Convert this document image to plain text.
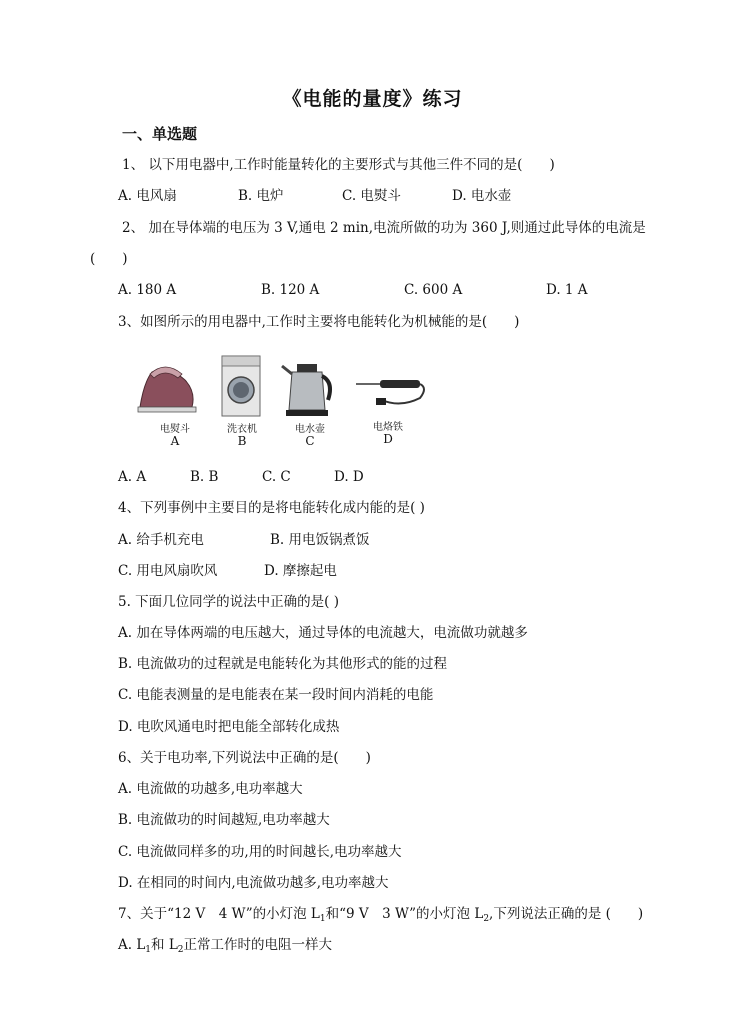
《电能的量度》练习
一、单选题
1、 以下用电器中,工作时能量转化的主要形式与其他三件不同的是(　　)
A. 电风扇	B. 电炉	C. 电熨斗	D. 电水壶
2、 加在导体端的电压为 3 V,通电 2 min,电流所做的功为 360 J,则通过此导体的电流是
(　　)
A. 180 A	B. 120 A	C. 600 A	D. 1 A
3、如图所示的用电器中,工作时主要将电能转化为机械能的是(　　)
电熨斗	洗衣机	电水壶	电烙铁
A	B	C	D
A. A	B. B	C. C	D. D
4、下列事例中主要目的是将电能转化成内能的是( )
A. 给手机充电	B. 用电饭锅煮饭
C. 用电风扇吹风	D. 摩擦起电
5. 下面几位同学的说法中正确的是( )
A. 加在导体两端的电压越大，通过导体的电流越大，电流做功就越多
B. 电流做功的过程就是电能转化为其他形式的能的过程
C. 电能表测量的是电能表在某一段时间内消耗的电能
D. 电吹风通电时把电能全部转化成热
6、关于电功率,下列说法中正确的是(　　)
A. 电流做的功越多,电功率越大
B. 电流做功的时间越短,电功率越大
C. 电流做同样多的功,用的时间越长,电功率越大
D. 在相同的时间内,电流做功越多,电功率越大
7、关于“12 V　4 W”的小灯泡 $L_1$和“9 V　3 W”的小灯泡 $L_2$,下列说法正确的是 (　　)
A. $L_1$和 $L_2$正常工作时的电阻一样大
